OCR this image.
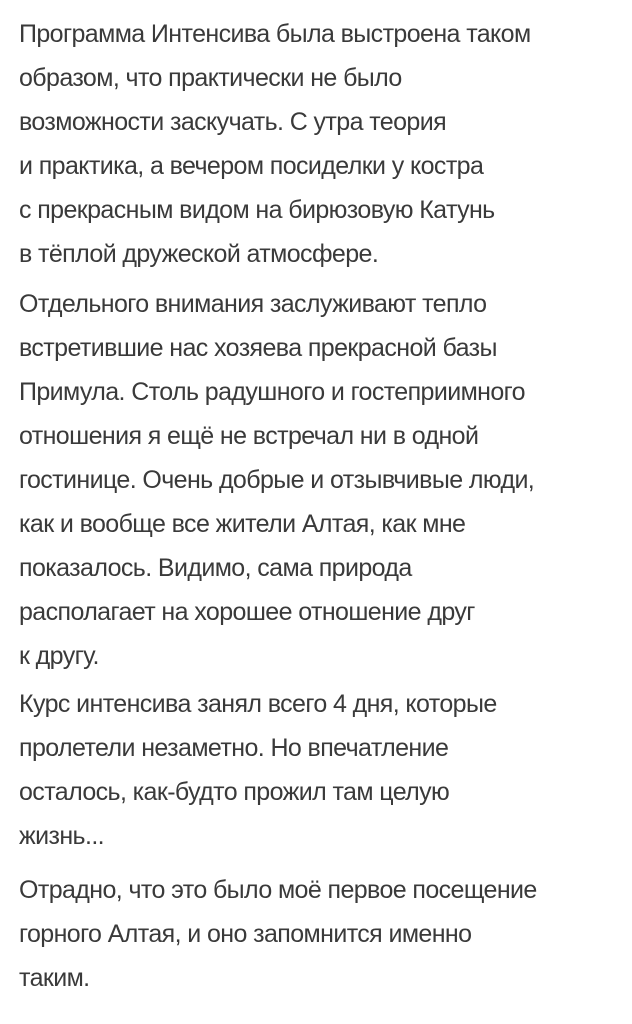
Программа Интенсива была выстроена таком
образом, что практически не было
возможности заскучать. С утра теория
и практика, а вечером посиделки у костра
с прекрасным видом на бирюзовую Катунь
в тёплой дружеской атмосфере.

Отдельного внимания заслуживают тепло
встретившие нас хозяева прекрасной базы
Примула. Столь радушного и гостеприимного
отношения я ещё не встречал ни в одной
гостинице. Очень добрые и отзывчивые люди,
как и вообще все жители Алтая, как мне
показалось. Видимо, сама природа
располагает на хорошее отношение друг
к другу.

Курс интенсива занял всего 4 дня, которые
пролетели незаметно. Но впечатление
осталось, как-будто прожил там целую
жизнь...

Отрадно, что это было моё первое посещение
горного Алтая, и оно запомнится именно
таким.
